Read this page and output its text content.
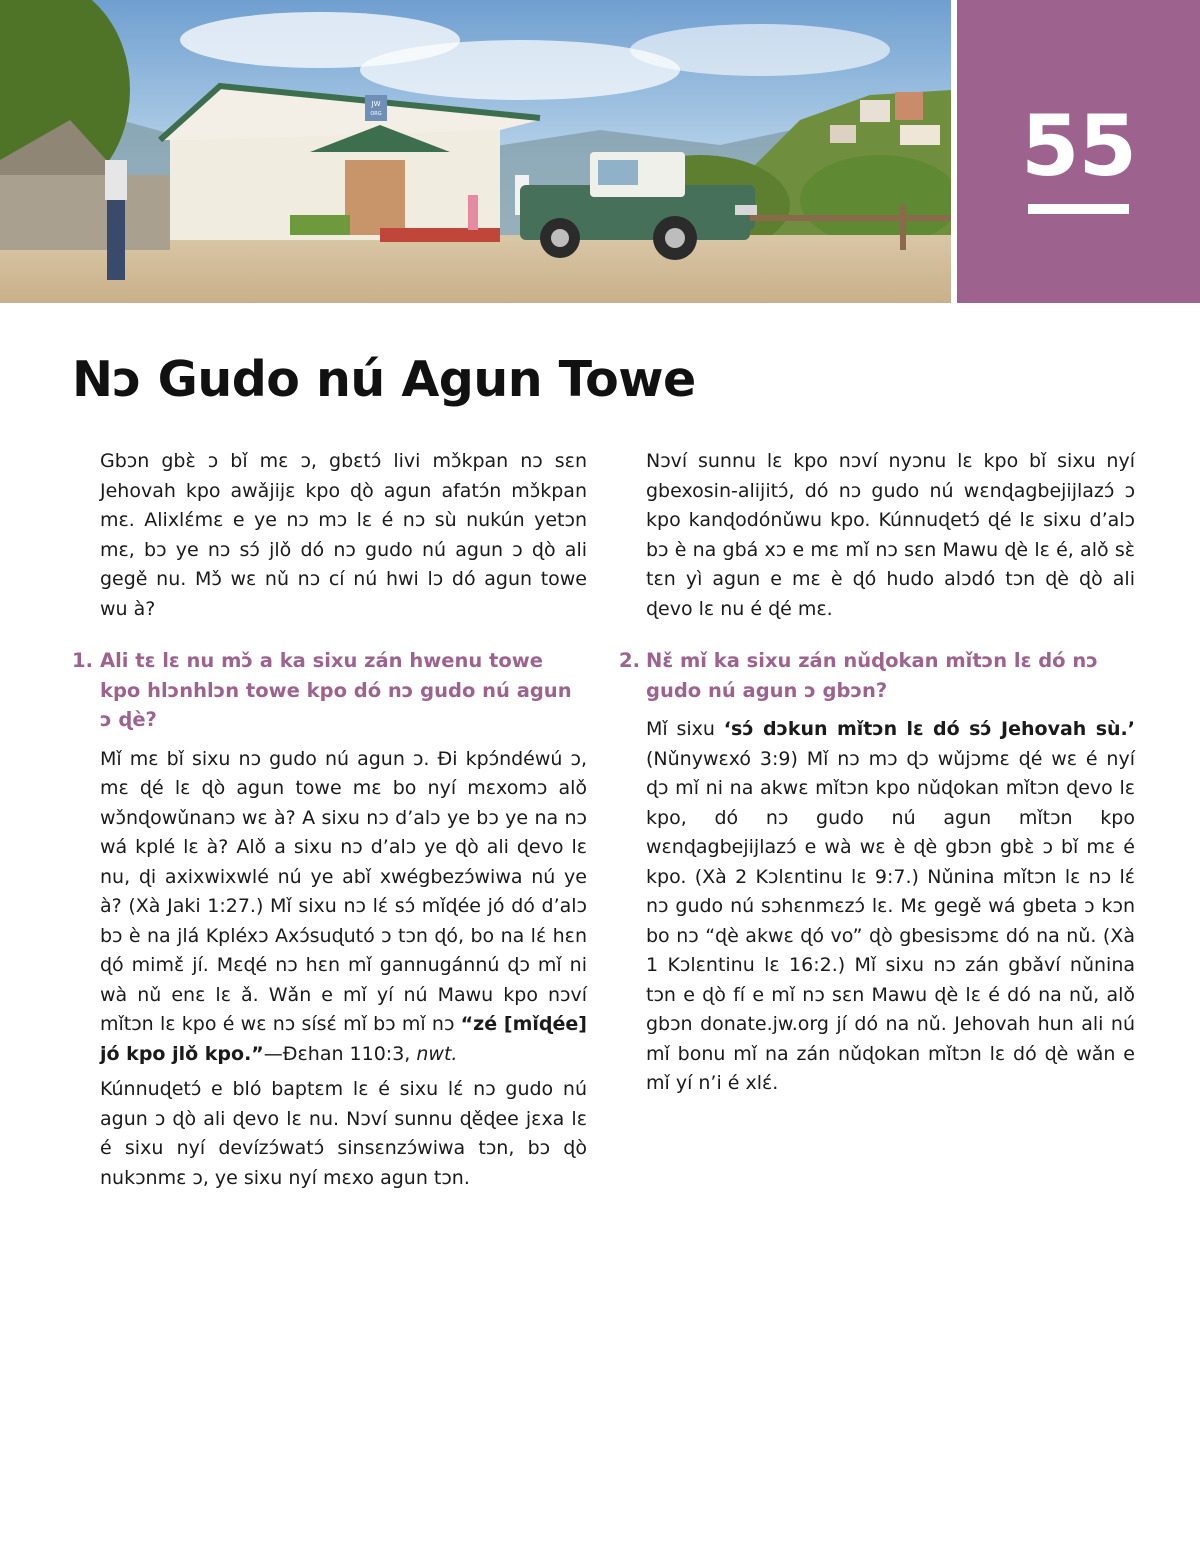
JW
ORG	55
Nɔ Gudo nú Agun Towe

Gbɔn gbɛ̀ ɔ bǐ mɛ ɔ, gbɛtɔ́ livi mɔ̌kpan nɔ sɛn Jehovah kpo awǎjijɛ kpo ɖò agun afatɔ́n mɔ̌kpan mɛ. Alixlɛ́mɛ e ye nɔ mɔ lɛ é nɔ sù nukún yetɔn mɛ, bɔ ye nɔ sɔ́ jlǒ dó nɔ gudo nú agun ɔ ɖò ali gegě nu. Mɔ̌ wɛ nǔ nɔ cí nú hwi lɔ dó agun towe wu à?

1. Ali tɛ lɛ nu mɔ̌ a ka sixu zán hwenu towe kpo hlɔnhlɔn towe kpo dó nɔ gudo nú agun ɔ ɖè?

Mǐ mɛ bǐ sixu nɔ gudo nú agun ɔ. Ði kpɔ́ndéwú ɔ, mɛ ɖé lɛ ɖò agun towe mɛ bo nyí mɛxomɔ alǒ wɔ̌nɖowǔnanɔ wɛ à? A sixu nɔ d’alɔ ye bɔ ye na nɔ wá kplé lɛ à? Alǒ a sixu nɔ d’alɔ ye ɖò ali ɖevo lɛ nu, ɖi axixwixwlé nú ye abǐ xwégbezɔ́wiwa nú ye à? (Xà Jaki 1:27.) Mǐ sixu nɔ lɛ́ sɔ́ mǐɖée jó dó d’alɔ bɔ è na jlá Kpléxɔ Axɔ́suɖutó ɔ tɔn ɖó, bo na lɛ́ hɛn ɖó mimɛ̌ jí. Mɛɖé nɔ hɛn mǐ gannugánnú ɖɔ mǐ ni wà nǔ enɛ lɛ ǎ. Wǎn e mǐ yí nú Mawu kpo nɔví mǐtɔn lɛ kpo é wɛ nɔ sísɛ́ mǐ bɔ mǐ nɔ “zé [mǐɖée] jó kpo jlǒ kpo.”—Ðɛhan 110:3, nwt.

Kúnnuɖetɔ́ e bló baptɛm lɛ é sixu lɛ́ nɔ gudo nú agun ɔ ɖò ali ɖevo lɛ nu. Nɔví sunnu ɖěɖee jɛxa lɛ é sixu nyí devízɔ́watɔ́ sinsɛnzɔ́wiwa tɔn, bɔ ɖò nukɔnmɛ ɔ, ye sixu nyí mɛxo agun tɔn.

Nɔví sunnu lɛ kpo nɔví nyɔnu lɛ kpo bǐ sixu nyí gbexosin-alijitɔ́, dó nɔ gudo nú wɛnɖagbejijlazɔ́ ɔ kpo kanɖodónǔwu kpo. Kúnnuɖetɔ́ ɖé lɛ sixu d’alɔ bɔ è na gbá xɔ e mɛ mǐ nɔ sɛn Mawu ɖè lɛ é, alǒ sɛ̀ tɛn yì agun e mɛ è ɖó hudo alɔdó tɔn ɖè ɖò ali ɖevo lɛ nu é ɖé mɛ.

2. Nɛ̌ mǐ ka sixu zán nǔɖokan mǐtɔn lɛ dó nɔ gudo nú agun ɔ gbɔn?

Mǐ sixu ‘sɔ́ dɔkun mǐtɔn lɛ dó sɔ́ Jehovah sù.’ (Nǔnywɛxó 3:9) Mǐ nɔ mɔ ɖɔ wǔjɔmɛ ɖé wɛ é nyí ɖɔ mǐ ni na akwɛ mǐtɔn kpo nǔɖokan mǐtɔn ɖevo lɛ kpo, dó nɔ gudo nú agun mǐtɔn kpo wɛnɖagbejijlazɔ́ e wà wɛ è ɖè gbɔn gbɛ̀ ɔ bǐ mɛ é kpo. (Xà 2 Kɔlɛntinu lɛ 9:7.) Nǔnina mǐtɔn lɛ nɔ lɛ́ nɔ gudo nú sɔhɛnmɛzɔ́ lɛ. Mɛ gegě wá gbeta ɔ kɔn bo nɔ “ɖè akwɛ ɖó vo” ɖò gbesisɔmɛ dó na nǔ. (Xà 1 Kɔlɛntinu lɛ 16:2.) Mǐ sixu nɔ zán gbǎví nǔnina tɔn e ɖò fí e mǐ nɔ sɛn Mawu ɖè lɛ é dó na nǔ, alǒ gbɔn donate.jw.org jí dó na nǔ. Jehovah hun ali nú mǐ bonu mǐ na zán nǔɖokan mǐtɔn lɛ dó ɖè wǎn e mǐ yí n’i é xlɛ́.
